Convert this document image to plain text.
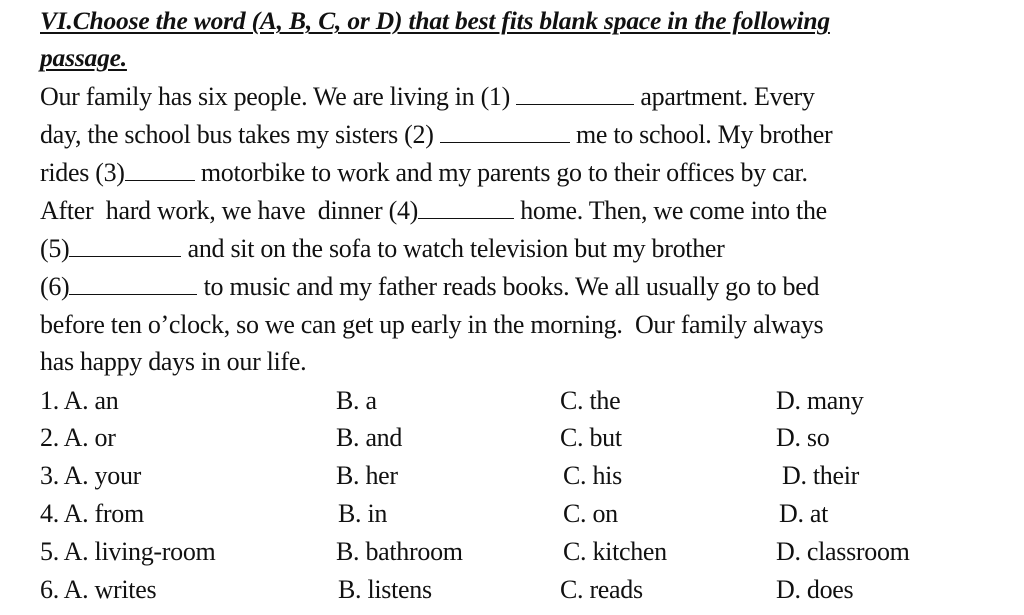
VI.Choose the word (A, B, C, or D) that best fits blank space in the following
passage.
Our family has six people. We are living in (1)	apartment. Every
day, the school bus takes my sisters (2)	me to school. My brother
rides (3)	motorbike to work and my parents go to their offices by car.
After  hard work, we have  dinner (4)	home. Then, we come into the
(5)	and sit on the sofa to watch television but my brother
(6)	to music and my father reads books. We all usually go to bed
before ten o’clock, so we can get up early in the morning.  Our family always
has happy days in our life.
1. A. an	B. a	C. the	D. many
2. A. or	B. and	C. but	D. so
3. A. your	B. her	C. his	D. their
4. A. from	B. in	C. on	D. at
5. A. living-room	B. bathroom	C. kitchen	D. classroom
6. A. writes	B. listens	C. reads	D. does
